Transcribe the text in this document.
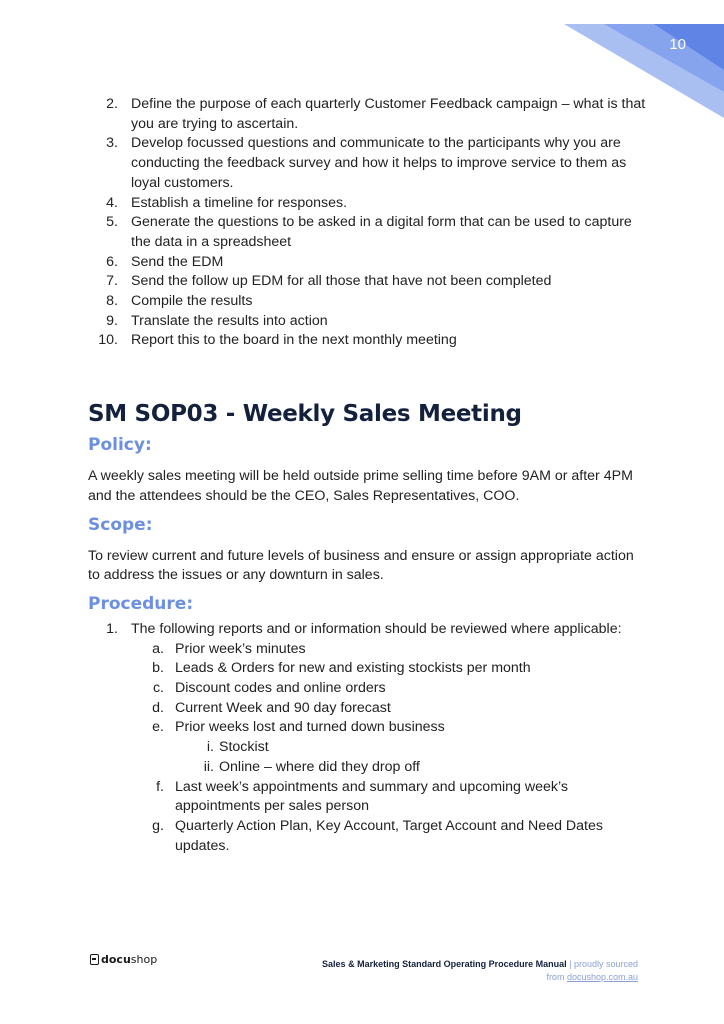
10
2. Define the purpose of each quarterly Customer Feedback campaign – what is that you are trying to ascertain.
3. Develop focussed questions and communicate to the participants why you are conducting the feedback survey and how it helps to improve service to them as loyal customers.
4. Establish a timeline for responses.
5. Generate the questions to be asked in a digital form that can be used to capture the data in a spreadsheet
6. Send the EDM
7. Send the follow up EDM for all those that have not been completed
8. Compile the results
9. Translate the results into action
10. Report this to the board in the next monthly meeting
SM SOP03 - Weekly Sales Meeting
Policy:

A weekly sales meeting will be held outside prime selling time before 9AM or after 4PM and the attendees should be the CEO, Sales Representatives, COO.

Scope:

To review current and future levels of business and ensure or assign appropriate action to address the issues or any downturn in sales.

Procedure:
1. The following reports and or information should be reviewed where applicable:
a. Prior week’s minutes
b. Leads & Orders for new and existing stockists per month
c. Discount codes and online orders
d. Current Week and 90 day forecast
e. Prior weeks lost and turned down business
i. Stockist
ii. Online – where did they drop off
f. Last week’s appointments and summary and upcoming week’s appointments per sales person
g. Quarterly Action Plan, Key Account, Target Account and Need Dates updates.
docu shop	Sales & Marketing Standard Operating Procedure Manual | proudly sourced
from docushop.com.au
